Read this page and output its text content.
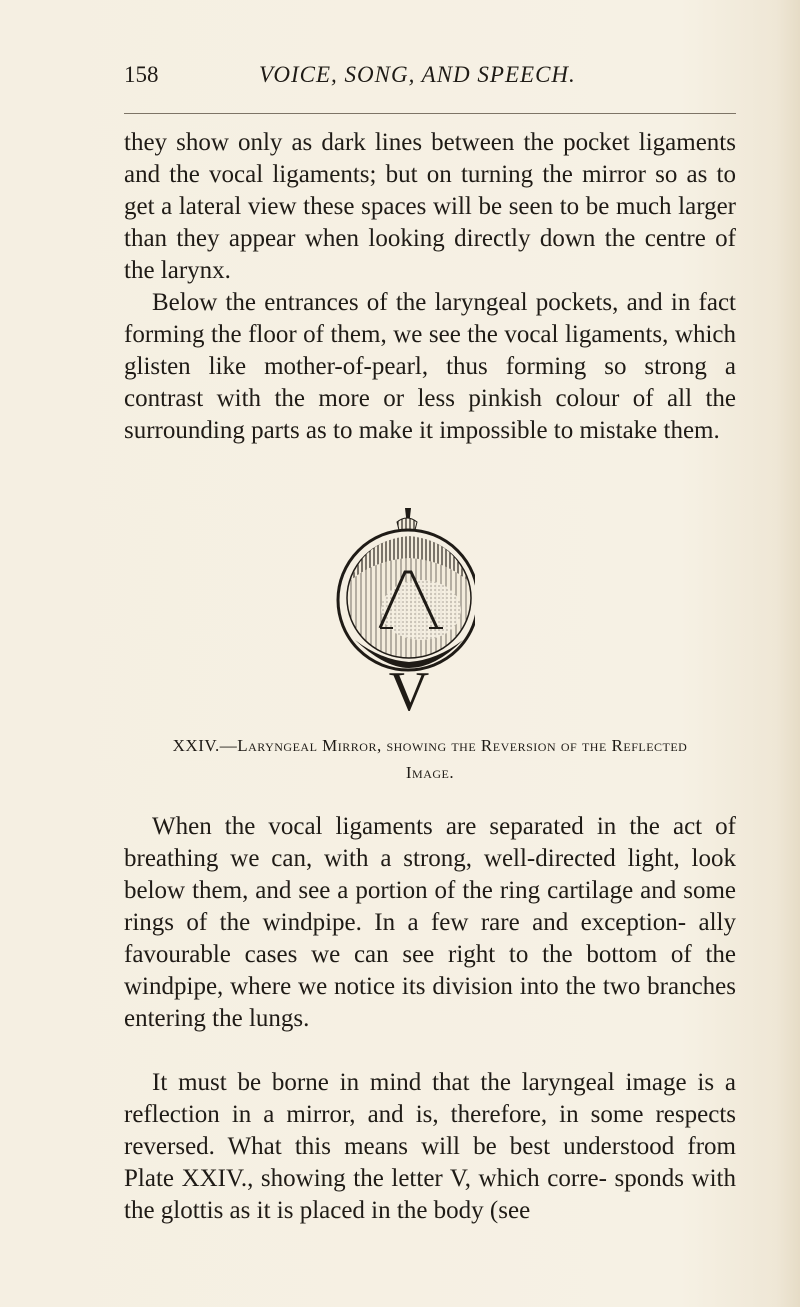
158	VOICE, SONG, AND SPEECH.

they show only as dark lines between the pocket ligaments and the vocal ligaments; but on turning the mirror so as to get a lateral view these spaces will be seen to be much larger than they appear when looking directly down the centre of the larynx.

Below the entrances of the laryngeal pockets, and in fact forming the floor of them, we see the vocal ligaments, which glisten like mother-of-pearl, thus forming so strong a contrast with the more or less pinkish colour of all the surrounding parts as to make it impossible to mistake them.

V
XXIV.—Laryngeal Mirror, showing the Reversion of the Reflected
Image.

When the vocal ligaments are separated in the act of breathing we can, with a strong, well-directed light, look below them, and see a portion of the ring cartilage and some rings of the windpipe. In a few rare and exception- ally favourable cases we can see right to the bottom of the windpipe, where we notice its division into the two branches entering the lungs.

It must be borne in mind that the laryngeal image is a reflection in a mirror, and is, therefore, in some respects reversed. What this means will be best understood from Plate XXIV., showing the letter V, which corre- sponds with the glottis as it is placed in the body (see
